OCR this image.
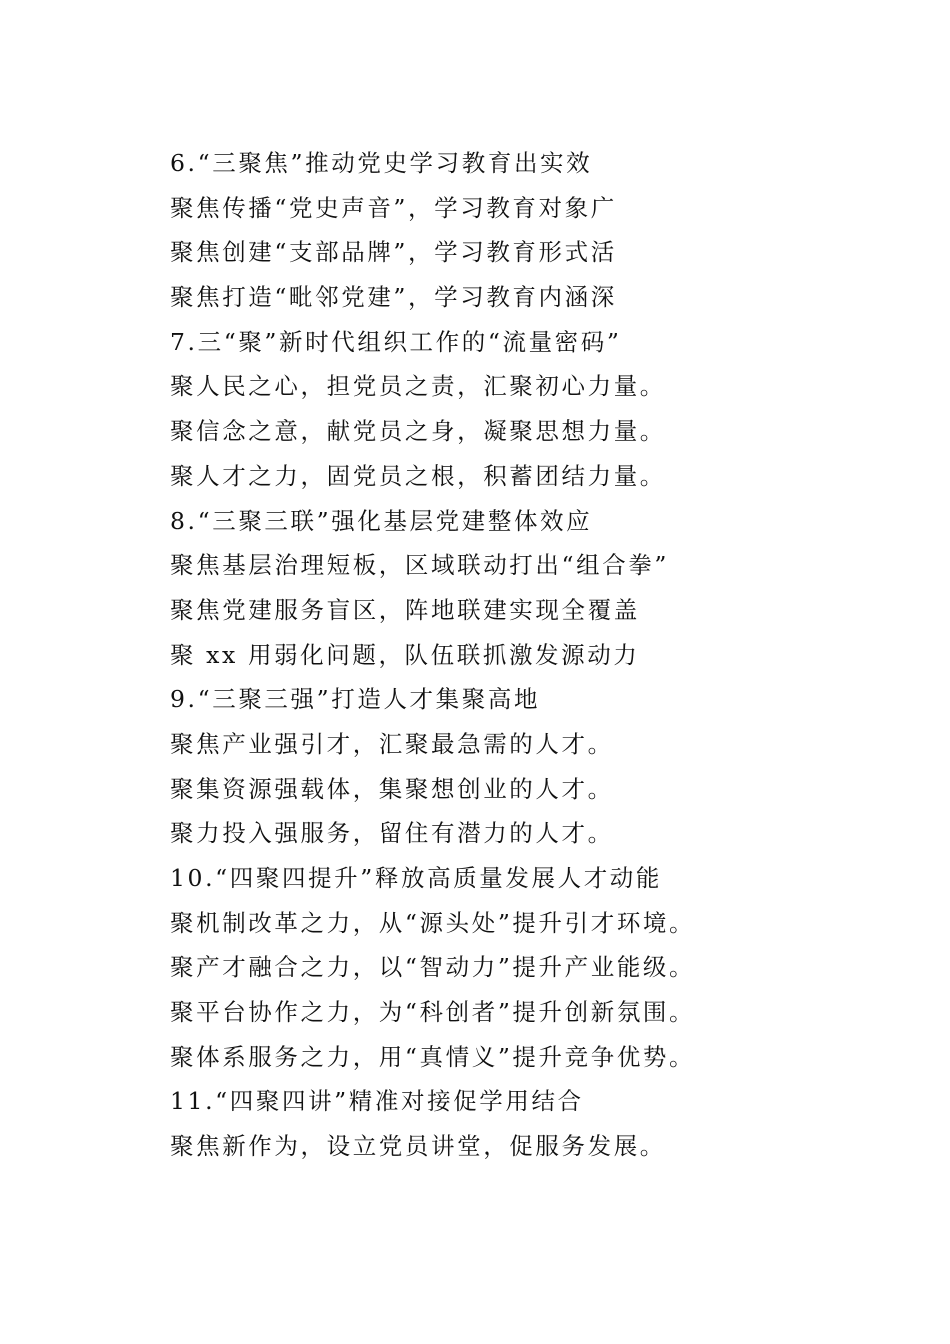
6.“三聚焦”推动党史学习教育出实效
聚焦传播“党史声音”，学习教育对象广
聚焦创建“支部品牌”，学习教育形式活
聚焦打造“毗邻党建”，学习教育内涵深
7.三“聚”新时代组织工作的“流量密码”
聚人民之心，担党员之责，汇聚初心力量。
聚信念之意，献党员之身，凝聚思想力量。
聚人才之力，固党员之根，积蓄团结力量。
8.“三聚三联”强化基层党建整体效应
聚焦基层治理短板，区域联动打出“组合拳”
聚焦党建服务盲区，阵地联建实现全覆盖
聚 xx 用弱化问题，队伍联抓激发源动力
9.“三聚三强”打造人才集聚高地
聚焦产业强引才，汇聚最急需的人才。
聚集资源强载体，集聚想创业的人才。
聚力投入强服务，留住有潜力的人才。
10.“四聚四提升”释放高质量发展人才动能
聚机制改革之力，从“源头处”提升引才环境。
聚产才融合之力，以“智动力”提升产业能级。
聚平台协作之力，为“科创者”提升创新氛围。
聚体系服务之力，用“真情义”提升竞争优势。
11.“四聚四讲”精准对接促学用结合
聚焦新作为，设立党员讲堂，促服务发展。
